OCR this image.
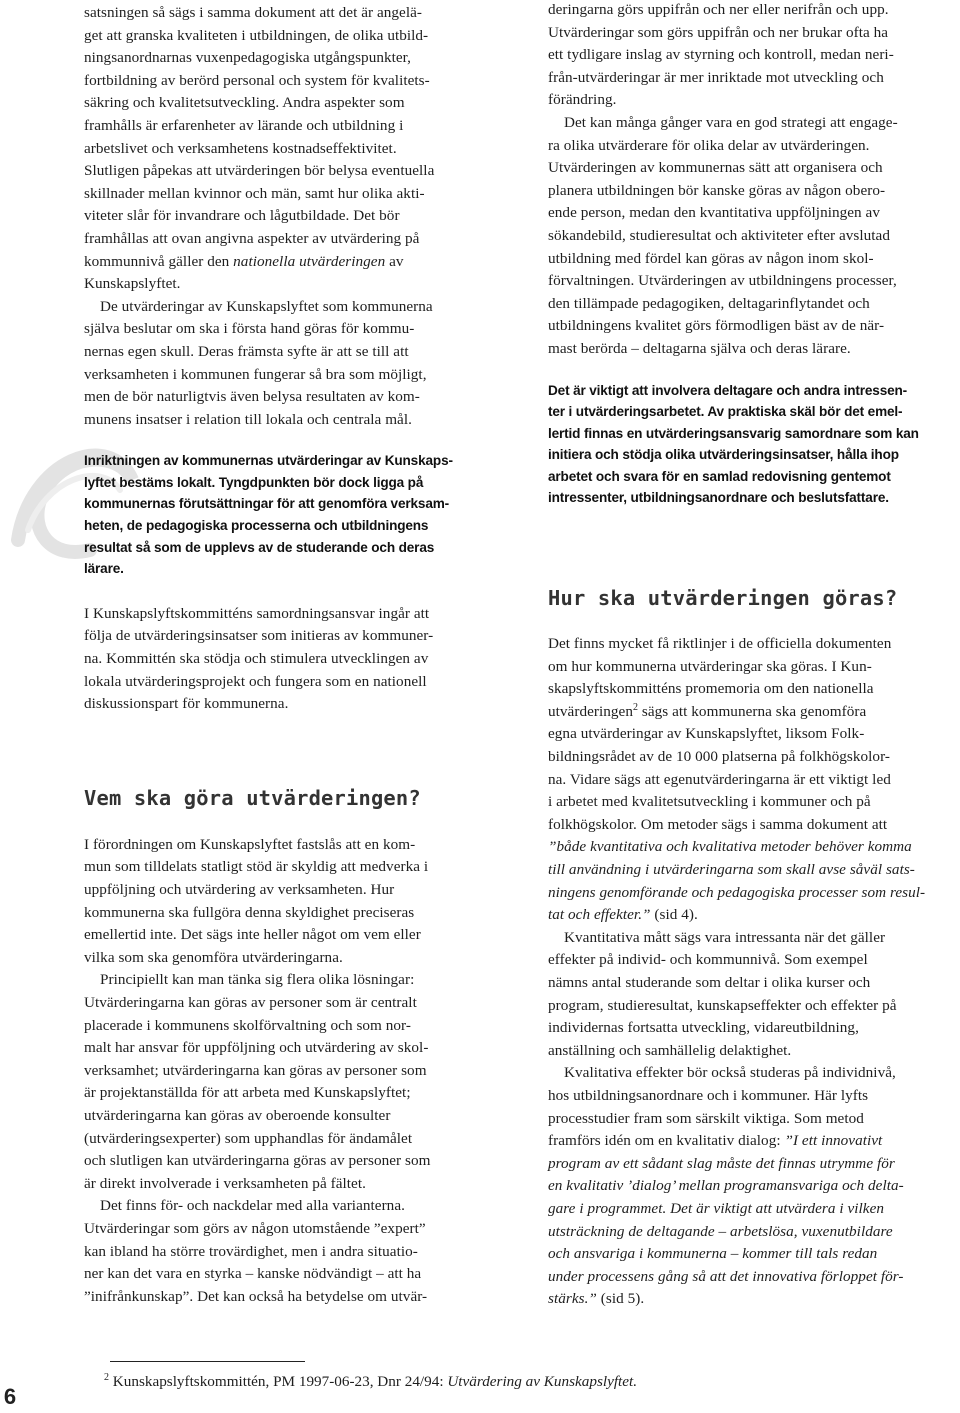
satsningen så sägs i samma dokument att det är angelä-

get att granska kvaliteten i utbildningen, de olika utbild-

ningsanordnarnas vuxenpedagogiska utgångspunkter,

fortbildning av berörd personal och system för kvalitets-

säkring och kvalitetsutveckling. Andra aspekter som

framhålls är erfarenheter av lärande och utbildning i

arbetslivet och verksamhetens kostnadseffektivitet.

Slutligen påpekas att utvärderingen bör belysa eventuella

skillnader mellan kvinnor och män, samt hur olika akti-

viteter slår för invandrare och lågutbildade. Det bör

framhållas att ovan angivna aspekter av utvärdering på

kommunnivå gäller den nationella utvärderingen av

Kunskapslyftet.

De utvärderingar av Kunskapslyftet som kommunerna

själva beslutar om ska i första hand göras för kommu-

nernas egen skull. Deras främsta syfte är att se till att

verksamheten i kommunen fungerar så bra som möjligt,

men de bör naturligtvis även belysa resultaten av kom-

munens insatser i relation till lokala och centrala mål.

Inriktningen av kommunernas utvärderingar av Kunskaps-

lyftet bestäms lokalt. Tyngdpunkten bör dock ligga på

kommunernas förutsättningar för att genomföra verksam-

heten, de pedagogiska processerna och utbildningens

resultat så som de upplevs av de studerande och deras

lärare.

I Kunskapslyftskommitténs samordningsansvar ingår att

följa de utvärderingsinsatser som initieras av kommuner-

na. Kommittén ska stödja och stimulera utvecklingen av

lokala utvärderingsprojekt och fungera som en nationell

diskussionspart för kommunerna.

Vem ska göra utvärderingen?

I förordningen om Kunskapslyftet fastslås att en kom-

mun som tilldelats statligt stöd är skyldig att medverka i

uppföljning och utvärdering av verksamheten. Hur

kommunerna ska fullgöra denna skyldighet preciseras

emellertid inte. Det sägs inte heller något om vem eller

vilka som ska genomföra utvärderingarna.

Principiellt kan man tänka sig flera olika lösningar:

Utvärderingarna kan göras av personer som är centralt

placerade i kommunens skolförvaltning och som nor-

malt har ansvar för uppföljning och utvärdering av skol-

verksamhet; utvärderingarna kan göras av personer som

är projektanställda för att arbeta med Kunskapslyftet;

utvärderingarna kan göras av oberoende konsulter

(utvärderingsexperter) som upphandlas för ändamålet

och slutligen kan utvärderingarna göras av personer som

är direkt involverade i verksamheten på fältet.

Det finns för- och nackdelar med alla varianterna.

Utvärderingar som görs av någon utomstående ”expert”

kan ibland ha större trovärdighet, men i andra situatio-

ner kan det vara en styrka – kanske nödvändigt – att ha

”inifrånkunskap”. Det kan också ha betydelse om utvär-

deringarna görs uppifrån och ner eller nerifrån och upp.

Utvärderingar som görs uppifrån och ner brukar ofta ha

ett tydligare inslag av styrning och kontroll, medan neri-

från-utvärderingar är mer inriktade mot utveckling och

förändring.

Det kan många gånger vara en god strategi att engage-

ra olika utvärderare för olika delar av utvärderingen.

Utvärderingen av kommunernas sätt att organisera och

planera utbildningen bör kanske göras av någon obero-

ende person, medan den kvantitativa uppföljningen av

sökandebild, studieresultat och aktiviteter efter avslutad

utbildning med fördel kan göras av någon inom skol-

förvaltningen. Utvärderingen av utbildningens processer,

den tillämpade pedagogiken, deltagarinflytandet och

utbildningens kvalitet görs förmodligen bäst av de när-

mast berörda – deltagarna själva och deras lärare.

Det är viktigt att involvera deltagare och andra intressen-

ter i utvärderingsarbetet. Av praktiska skäl bör det emel-

lertid finnas en utvärderingsansvarig samordnare som kan

initiera och stödja olika utvärderingsinsatser, hålla ihop

arbetet och svara för en samlad redovisning gentemot

intressenter, utbildningsanordnare och beslutsfattare.

Hur ska utvärderingen göras?

Det finns mycket få riktlinjer i de officiella dokumenten

om hur kommunerna utvärderingar ska göras. I Kun-

skapslyftskommitténs promemoria om den nationella

utvärderingen$^2$ sägs att kommunerna ska genomföra

egna utvärderingar av Kunskapslyftet, liksom Folk-

bildningsrådet av de 10 000 platserna på folkhögskolor-

na. Vidare sägs att egenutvärderingarna är ett viktigt led

i arbetet med kvalitetsutveckling i kommuner och på

folkhögskolor. Om metoder sägs i samma dokument att

”både kvantitativa och kvalitativa metoder behöver komma

till användning i utvärderingarna som skall avse såväl sats-

ningens genomförande och pedagogiska processer som resul-

tat och effekter.” (sid 4).

Kvantitativa mått sägs vara intressanta när det gäller

effekter på individ- och kommunnivå. Som exempel

nämns antal studerande som deltar i olika kurser och

program, studieresultat, kunskapseffekter och effekter på

individernas fortsatta utveckling, vidareutbildning,

anställning och samhällelig delaktighet.

Kvalitativa effekter bör också studeras på individnivå,

hos utbildningsanordnare och i kommuner. Här lyfts

processtudier fram som särskilt viktiga. Som metod

framförs idén om en kvalitativ dialog: ”I ett innovativt

program av ett sådant slag måste det finnas utrymme för

en kvalitativ ’dialog’ mellan programansvariga och delta-

gare i programmet. Det är viktigt att utvärdera i vilken

utsträckning de deltagande – arbetslösa, vuxenutbildare

och ansvariga i kommunerna – kommer till tals redan

under processens gång så att det innovativa förloppet för-

stärks.” (sid 5).

$^2$ Kunskapslyftskommittén, PM 1997-06-23, Dnr 24/94: Utvärdering av Kunskapslyftet.

6
